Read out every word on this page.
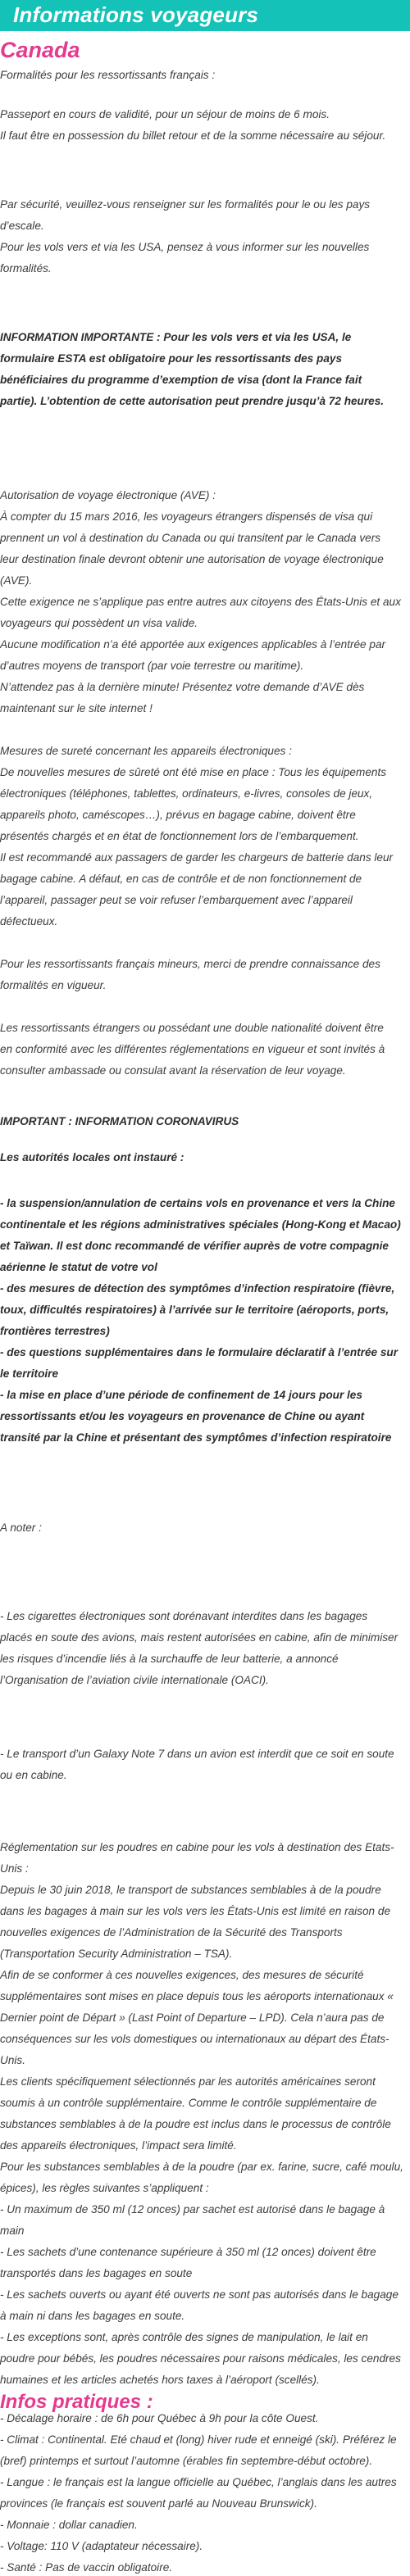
Informations voyageurs
Canada
Formalités pour les ressortissants français :
Passeport en cours de validité, pour un séjour de moins de 6 mois.
Il faut être en possession du billet retour et de la somme nécessaire au séjour.
Par sécurité, veuillez-vous renseigner sur les formalités pour le ou les pays
d’escale.
Pour les vols vers et via les USA, pensez à vous informer sur les nouvelles
formalités.
INFORMATION IMPORTANTE : Pour les vols vers et via les USA, le
formulaire ESTA est obligatoire pour les ressortissants des pays
bénéficiaires du programme d’exemption de visa (dont la France fait
partie). L’obtention de cette autorisation peut prendre jusqu’à 72 heures.
Autorisation de voyage électronique (AVE) :
À compter du 15 mars 2016, les voyageurs étrangers dispensés de visa qui
prennent un vol à destination du Canada ou qui transitent par le Canada vers
leur destination finale devront obtenir une autorisation de voyage électronique
(AVE).
Cette exigence ne s’applique pas entre autres aux citoyens des États-Unis et aux
voyageurs qui possèdent un visa valide.
Aucune modification n’a été apportée aux exigences applicables à l’entrée par
d’autres moyens de transport (par voie terrestre ou maritime).
N’attendez pas à la dernière minute! Présentez votre demande d’AVE dès
maintenant sur le site internet !
Mesures de sureté concernant les appareils électroniques :
De nouvelles mesures de sûreté ont été mise en place : Tous les équipements
électroniques (téléphones, tablettes, ordinateurs, e-livres, consoles de jeux,
appareils photo, caméscopes…), prévus en bagage cabine, doivent être
présentés chargés et en état de fonctionnement lors de l’embarquement.
Il est recommandé aux passagers de garder les chargeurs de batterie dans leur
bagage cabine. A défaut, en cas de contrôle et de non fonctionnement de
l’appareil, passager peut se voir refuser l’embarquement avec l’appareil
défectueux.
Pour les ressortissants français mineurs, merci de prendre connaissance des
formalités en vigueur.
Les ressortissants étrangers ou possédant une double nationalité doivent être
en conformité avec les différentes réglementations en vigueur et sont invités à
consulter ambassade ou consulat avant la réservation de leur voyage.
IMPORTANT : INFORMATION CORONAVIRUS
Les autorités locales ont instauré :
- la suspension/annulation de certains vols en provenance et vers la Chine
continentale et les régions administratives spéciales (Hong-Kong et Macao)
et Taïwan. Il est donc recommandé de vérifier auprès de votre compagnie
aérienne le statut de votre vol
- des mesures de détection des symptômes d’infection respiratoire (fièvre,
toux, difficultés respiratoires) à l’arrivée sur le territoire (aéroports, ports,
frontières terrestres)
- des questions supplémentaires dans le formulaire déclaratif à l’entrée sur
le territoire
- la mise en place d’une période de confinement de 14 jours pour les
ressortissants et/ou les voyageurs en provenance de Chine ou ayant
transité par la Chine et présentant des symptômes d’infection respiratoire
A noter :
- Les cigarettes électroniques sont dorénavant interdites dans les bagages
placés en soute des avions, mais restent autorisées en cabine, afin de minimiser
les risques d’incendie liés à la surchauffe de leur batterie, a annoncé
l’Organisation de l’aviation civile internationale (OACI).
- Le transport d’un Galaxy Note 7 dans un avion est interdit que ce soit en soute
ou en cabine.
Réglementation sur les poudres en cabine pour les vols à destination des Etats-
Unis :
Depuis le 30 juin 2018, le transport de substances semblables à de la poudre
dans les bagages à main sur les vols vers les États-Unis est limité en raison de
nouvelles exigences de l’Administration de la Sécurité des Transports
(Transportation Security Administration – TSA).
Afin de se conformer à ces nouvelles exigences, des mesures de sécurité
supplémentaires sont mises en place depuis tous les aéroports internationaux «
Dernier point de Départ » (Last Point of Departure – LPD). Cela n’aura pas de
conséquences sur les vols domestiques ou internationaux au départ des États-
Unis.
Les clients spécifiquement sélectionnés par les autorités américaines seront
soumis à un contrôle supplémentaire. Comme le contrôle supplémentaire de
substances semblables à de la poudre est inclus dans le processus de contrôle
des appareils électroniques, l’impact sera limité.
Pour les substances semblables à de la poudre (par ex. farine, sucre, café moulu,
épices), les règles suivantes s’appliquent :
- Un maximum de 350 ml (12 onces) par sachet est autorisé dans le bagage à
main
- Les sachets d’une contenance supérieure à 350 ml (12 onces) doivent être
transportés dans les bagages en soute
- Les sachets ouverts ou ayant été ouverts ne sont pas autorisés dans le bagage
à main ni dans les bagages en soute.
- Les exceptions sont, après contrôle des signes de manipulation, le lait en
poudre pour bébés, les poudres nécessaires pour raisons médicales, les cendres
humaines et les articles achetés hors taxes à l’aéroport (scellés).
Infos pratiques :
- Décalage horaire : de 6h pour Québec à 9h pour la côte Ouest.
- Climat : Continental. Eté chaud et (long) hiver rude et enneigé (ski). Préférez le
(bref) printemps et surtout l’automne (érables fin septembre-début octobre).
- Langue : le français est la langue officielle au Québec, l’anglais dans les autres
provinces (le français est souvent parlé au Nouveau Brunswick).
- Monnaie : dollar canadien.
- Voltage: 110 V (adaptateur nécessaire).
- Santé : Pas de vaccin obligatoire.
